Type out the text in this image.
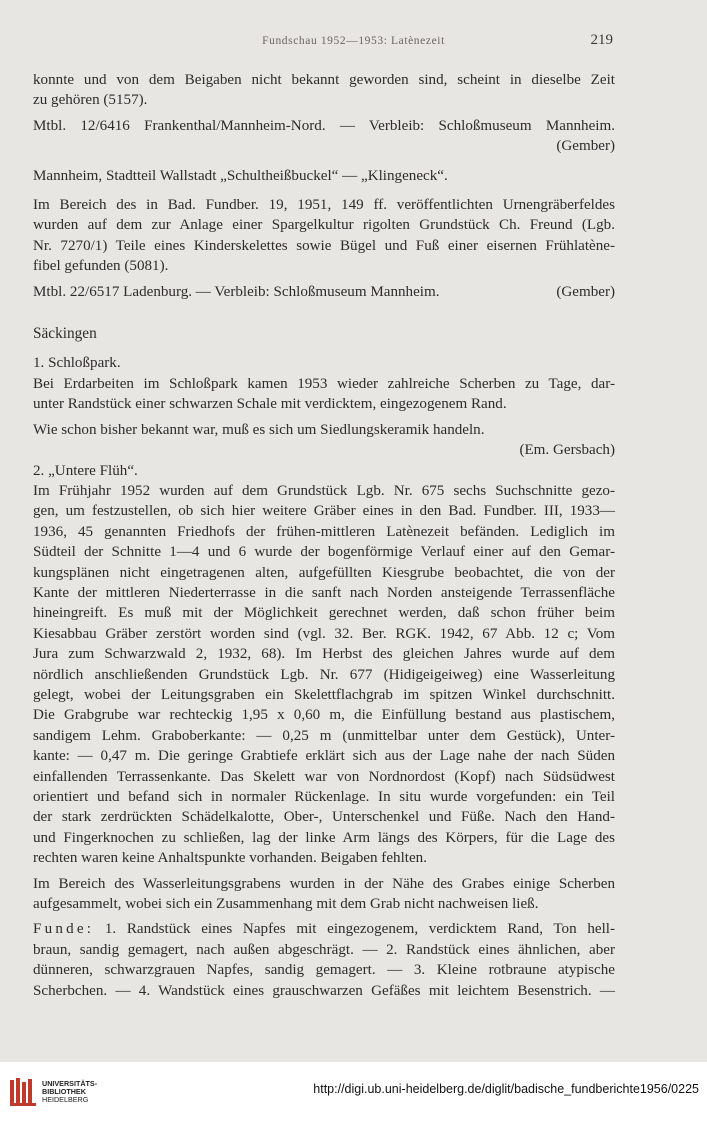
Fundschau 1952—1953: Latènezeit	219

konnte und von dem Beigaben nicht bekannt geworden sind, scheint in dieselbe Zeit

zu gehören (5157).

Mtbl. 12/6416 Frankenthal/Mannheim-Nord. — Verbleib: Schloßmuseum Mannheim.

(Gember)

Mannheim, Stadtteil Wallstadt „Schultheißbuckel“ — „Klingeneck“.

Im Bereich des in Bad. Fundber. 19, 1951, 149 ff. veröffentlichten Urnengräberfeldes

wurden auf dem zur Anlage einer Spargelkultur rigolten Grundstück Ch. Freund (Lgb.

Nr. 7270/1) Teile eines Kinderskelettes sowie Bügel und Fuß einer eisernen Frühlatène-

fibel gefunden (5081).

Mtbl. 22/6517 Ladenburg. — Verbleib: Schloßmuseum Mannheim.	(Gember)

Säckingen

1. Schloßpark.

Bei Erdarbeiten im Schloßpark kamen 1953 wieder zahlreiche Scherben zu Tage, dar-

unter Randstück einer schwarzen Schale mit verdicktem, eingezogenem Rand.

Wie schon bisher bekannt war, muß es sich um Siedlungskeramik handeln.

(Em. Gersbach)

2. „Untere Flüh“.

Im Frühjahr 1952 wurden auf dem Grundstück Lgb. Nr. 675 sechs Suchschnitte gezo-

gen, um festzustellen, ob sich hier weitere Gräber eines in den Bad. Fundber. III, 1933—

1936, 45 genannten Friedhofs der frühen-mittleren Latènezeit befänden. Lediglich im

Südteil der Schnitte 1—4 und 6 wurde der bogenförmige Verlauf einer auf den Gemar-

kungsplänen nicht eingetragenen alten, aufgefüllten Kiesgrube beobachtet, die von der

Kante der mittleren Niederterrasse in die sanft nach Norden ansteigende Terrassenfläche

hineingreift. Es muß mit der Möglichkeit gerechnet werden, daß schon früher beim

Kiesabbau Gräber zerstört worden sind (vgl. 32. Ber. RGK. 1942, 67 Abb. 12 c; Vom

Jura zum Schwarzwald 2, 1932, 68). Im Herbst des gleichen Jahres wurde auf dem

nördlich anschließenden Grundstück Lgb. Nr. 677 (Hidigeigeiweg) eine Wasserleitung

gelegt, wobei der Leitungsgraben ein Skelettflachgrab im spitzen Winkel durchschnitt.

Die Grabgrube war rechteckig 1,95 x 0,60 m, die Einfüllung bestand aus plastischem,

sandigem Lehm. Graboberkante: — 0,25 m (unmittelbar unter dem Gestück), Unter-

kante: — 0,47 m. Die geringe Grabtiefe erklärt sich aus der Lage nahe der nach Süden

einfallenden Terrassenkante. Das Skelett war von Nordnordost (Kopf) nach Südsüdwest

orientiert und befand sich in normaler Rückenlage. In situ wurde vorgefunden: ein Teil

der stark zerdrückten Schädelkalotte, Ober-, Unterschenkel und Füße. Nach den Hand-

und Fingerknochen zu schließen, lag der linke Arm längs des Körpers, für die Lage des

rechten waren keine Anhaltspunkte vorhanden. Beigaben fehlten.

Im Bereich des Wasserleitungsgrabens wurden in der Nähe des Grabes einige Scherben

aufgesammelt, wobei sich ein Zusammenhang mit dem Grab nicht nachweisen ließ.

Funde: 1. Randstück eines Napfes mit eingezogenem, verdicktem Rand, Ton hell-

braun, sandig gemagert, nach außen abgeschrägt. — 2. Randstück eines ähnlichen, aber

dünneren, schwarzgrauen Napfes, sandig gemagert. — 3. Kleine rotbraune atypische

Scherbchen. — 4. Wandstück eines grauschwarzen Gefäßes mit leichtem Besenstrich. —

UNIVERSITÄTS-
BIBLIOTHEK
HEIDELBERG
http://digi.ub.uni-heidelberg.de/diglit/badische_fundberichte1956/0225
